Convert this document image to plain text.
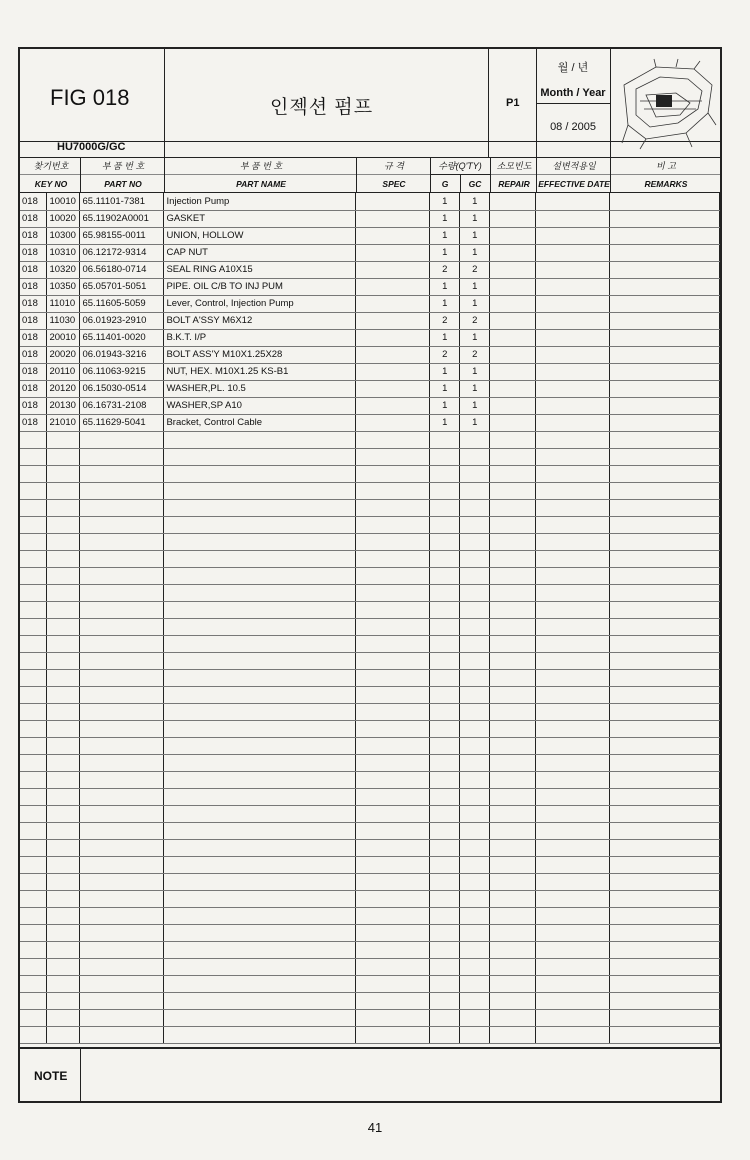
FIG 018
HU7000G/GC
인젝션 펌프	P1
월 / 년
Month / Year
08 / 2005
찾기번호
KEY NO
부 품 번 호
PART NO
부 품 번 호
PART NAME
규 격
SPEC
수량(Q'TY)
G	GC
소모빈도
REPAIR
설변적용일
EFFECTIVE DATE
비 고
REMARKS
018	10010	65.11101-7381	Injection Pump		1	1			
018	10020	65.11902A0001	GASKET		1	1			
018	10300	65.98155-0011	UNION, HOLLOW		1	1			
018	10310	06.12172-9314	CAP NUT		1	1			
018	10320	06.56180-0714	SEAL RING A10X15		2	2			
018	10350	65.05701-5051	PIPE. OIL C/B TO INJ PUM		1	1			
018	11010	65.11605-5059	Lever, Control, Injection Pump		1	1			
018	11030	06.01923-2910	BOLT A'SSY M6X12		2	2			
018	20010	65.11401-0020	B.K.T. I/P		1	1			
018	20020	06.01943-3216	BOLT ASS'Y M10X1.25X28		2	2			
018	20110	06.11063-9215	NUT, HEX. M10X1.25 KS-B1		1	1			
018	20120	06.15030-0514	WASHER,PL. 10.5		1	1			
018	20130	06.16731-2108	WASHER,SP A10		1	1			
018	21010	65.11629-5041	Bracket, Control Cable		1	1			

NOTE
41
